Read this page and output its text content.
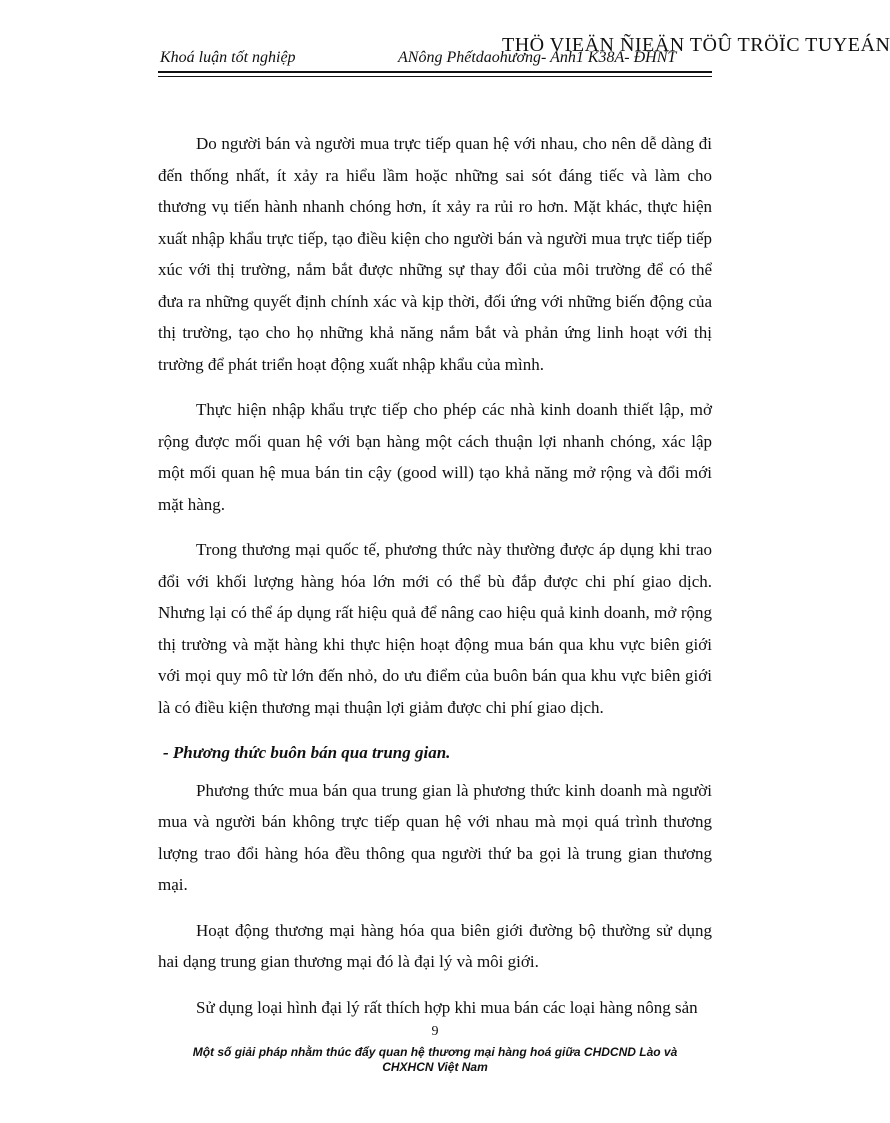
THÖ VIEÄN ÑIEÄN TÖÛ TRÖÏC TUYEÁN
Khoá luận tốt nghiệp	ANông Phếtdaohương- Anh1 K38A- ĐHNT

Do người bán và người mua trực tiếp quan hệ với nhau, cho nên dễ dàng đi đến thống nhất, ít xảy ra hiểu lầm hoặc những sai sót đáng tiếc và làm cho thương vụ tiến hành nhanh chóng hơn, ít xảy ra rủi ro hơn. Mặt khác, thực hiện xuất nhập khẩu trực tiếp, tạo điều kiện cho người bán và người mua trực tiếp tiếp xúc với thị trường, nắm bắt được những sự thay đổi của môi trường để có thể đưa ra những quyết định chính xác và kịp thời, đối ứng với những biến động của thị trường, tạo cho họ những khả năng nắm bắt và phản ứng linh hoạt với thị trường để phát triển hoạt động xuất nhập khẩu của mình.

Thực hiện nhập khẩu trực tiếp cho phép các nhà kinh doanh thiết lập, mở rộng được mối quan hệ với bạn hàng một cách thuận lợi nhanh chóng, xác lập một mối quan hệ mua bán tin cậy (good will) tạo khả năng mở rộng và đổi mới mặt hàng.

Trong thương mại quốc tế, phương thức này thường được áp dụng khi trao đổi với khối lượng hàng hóa lớn mới có thể bù đắp được chi phí giao dịch. Nhưng lại có thể áp dụng rất hiệu quả để nâng cao hiệu quả kinh doanh, mở rộng thị trường và mặt hàng khi thực hiện hoạt động mua bán qua khu vực biên giới với mọi quy mô từ lớn đến nhỏ, do ưu điểm của buôn bán qua khu vực biên giới là có điều kiện thương mại thuận lợi giảm được chi phí giao dịch.

- Phương thức buôn bán qua trung gian.

Phương thức mua bán qua trung gian là phương thức kinh doanh mà người mua và người bán không trực tiếp quan hệ với nhau mà mọi quá trình thương lượng trao đổi hàng hóa đều thông qua người thứ ba gọi là trung gian thương mại.

Hoạt động thương mại hàng hóa qua biên giới đường bộ thường sử dụng hai dạng trung gian thương mại đó là đại lý và môi giới.

Sử dụng loại hình đại lý rất thích hợp khi mua bán các loại hàng nông sản

9
Một số giải pháp nhằm thúc đẩy quan hệ thương mại hàng hoá giữa CHDCND Lào và
CHXHCN Việt Nam
